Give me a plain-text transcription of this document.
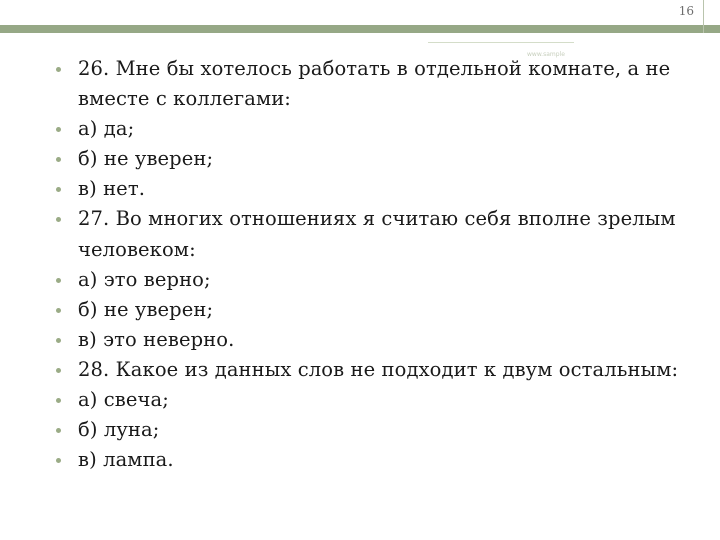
16
www.sample
26. Мне бы хотелось работать в отдельной комнате, а не вместе с коллегами:
а) да;
б) не уверен;
в) нет.
27. Во многих отношениях я считаю себя вполне зрелым человеком:
а) это верно;
б) не уверен;
в) это неверно.
28. Какое из данных слов не подходит к двум остальным:
а) свеча;
б) луна;
в) лампа.
